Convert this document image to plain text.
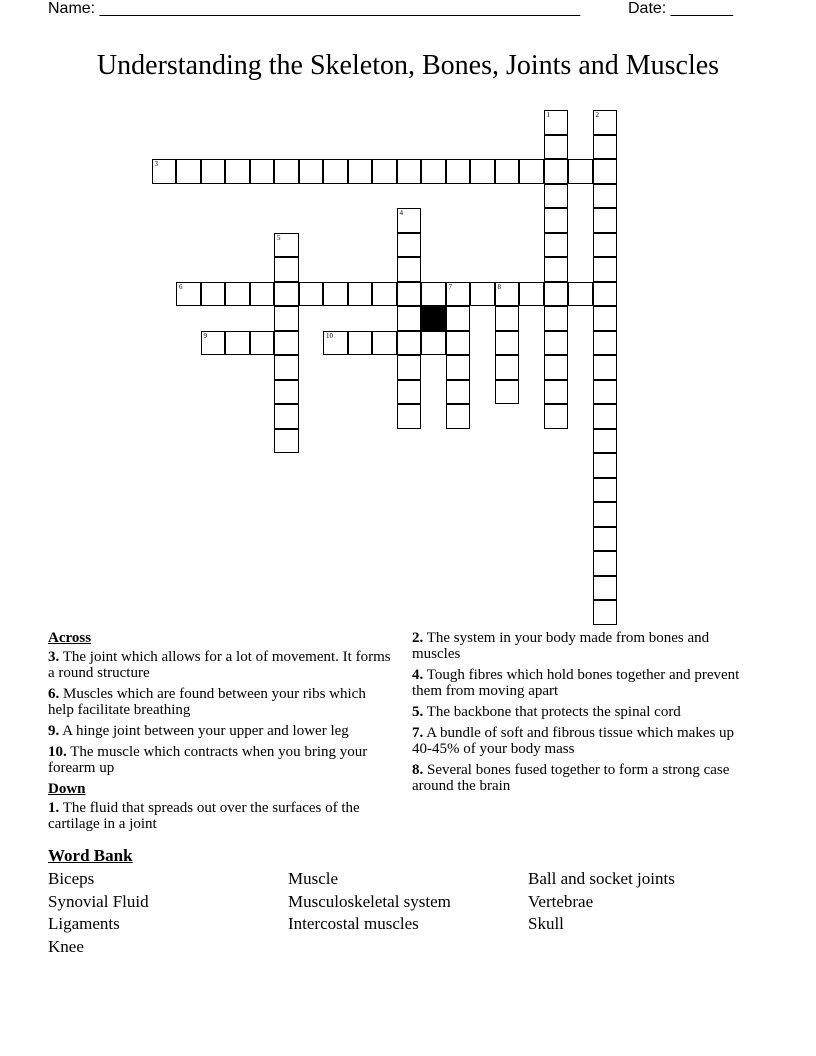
Name: ______________________________________________________	Date: _______
Understanding the Skeleton, Bones, Joints and Muscles
1	2
3
4
5
6	7	8
9	10
Across
3. The joint which allows for a lot of movement. It forms a round structure
6. Muscles which are found between your ribs which help facilitate breathing
9. A hinge joint between your upper and lower leg
10. The muscle which contracts when you bring your forearm up
Down
1. The fluid that spreads out over the surfaces of the cartilage in a joint
2. The system in your body made from bones and muscles
4. Tough fibres which hold bones together and prevent them from moving apart
5. The backbone that protects the spinal cord
7. A bundle of soft and fibrous tissue which makes up 40-45% of your body mass
8. Several bones fused together to form a strong case around the brain
Word Bank
Biceps
Synovial Fluid
Ligaments
Knee
Muscle
Musculoskeletal system
Intercostal muscles
Ball and socket joints
Vertebrae
Skull
